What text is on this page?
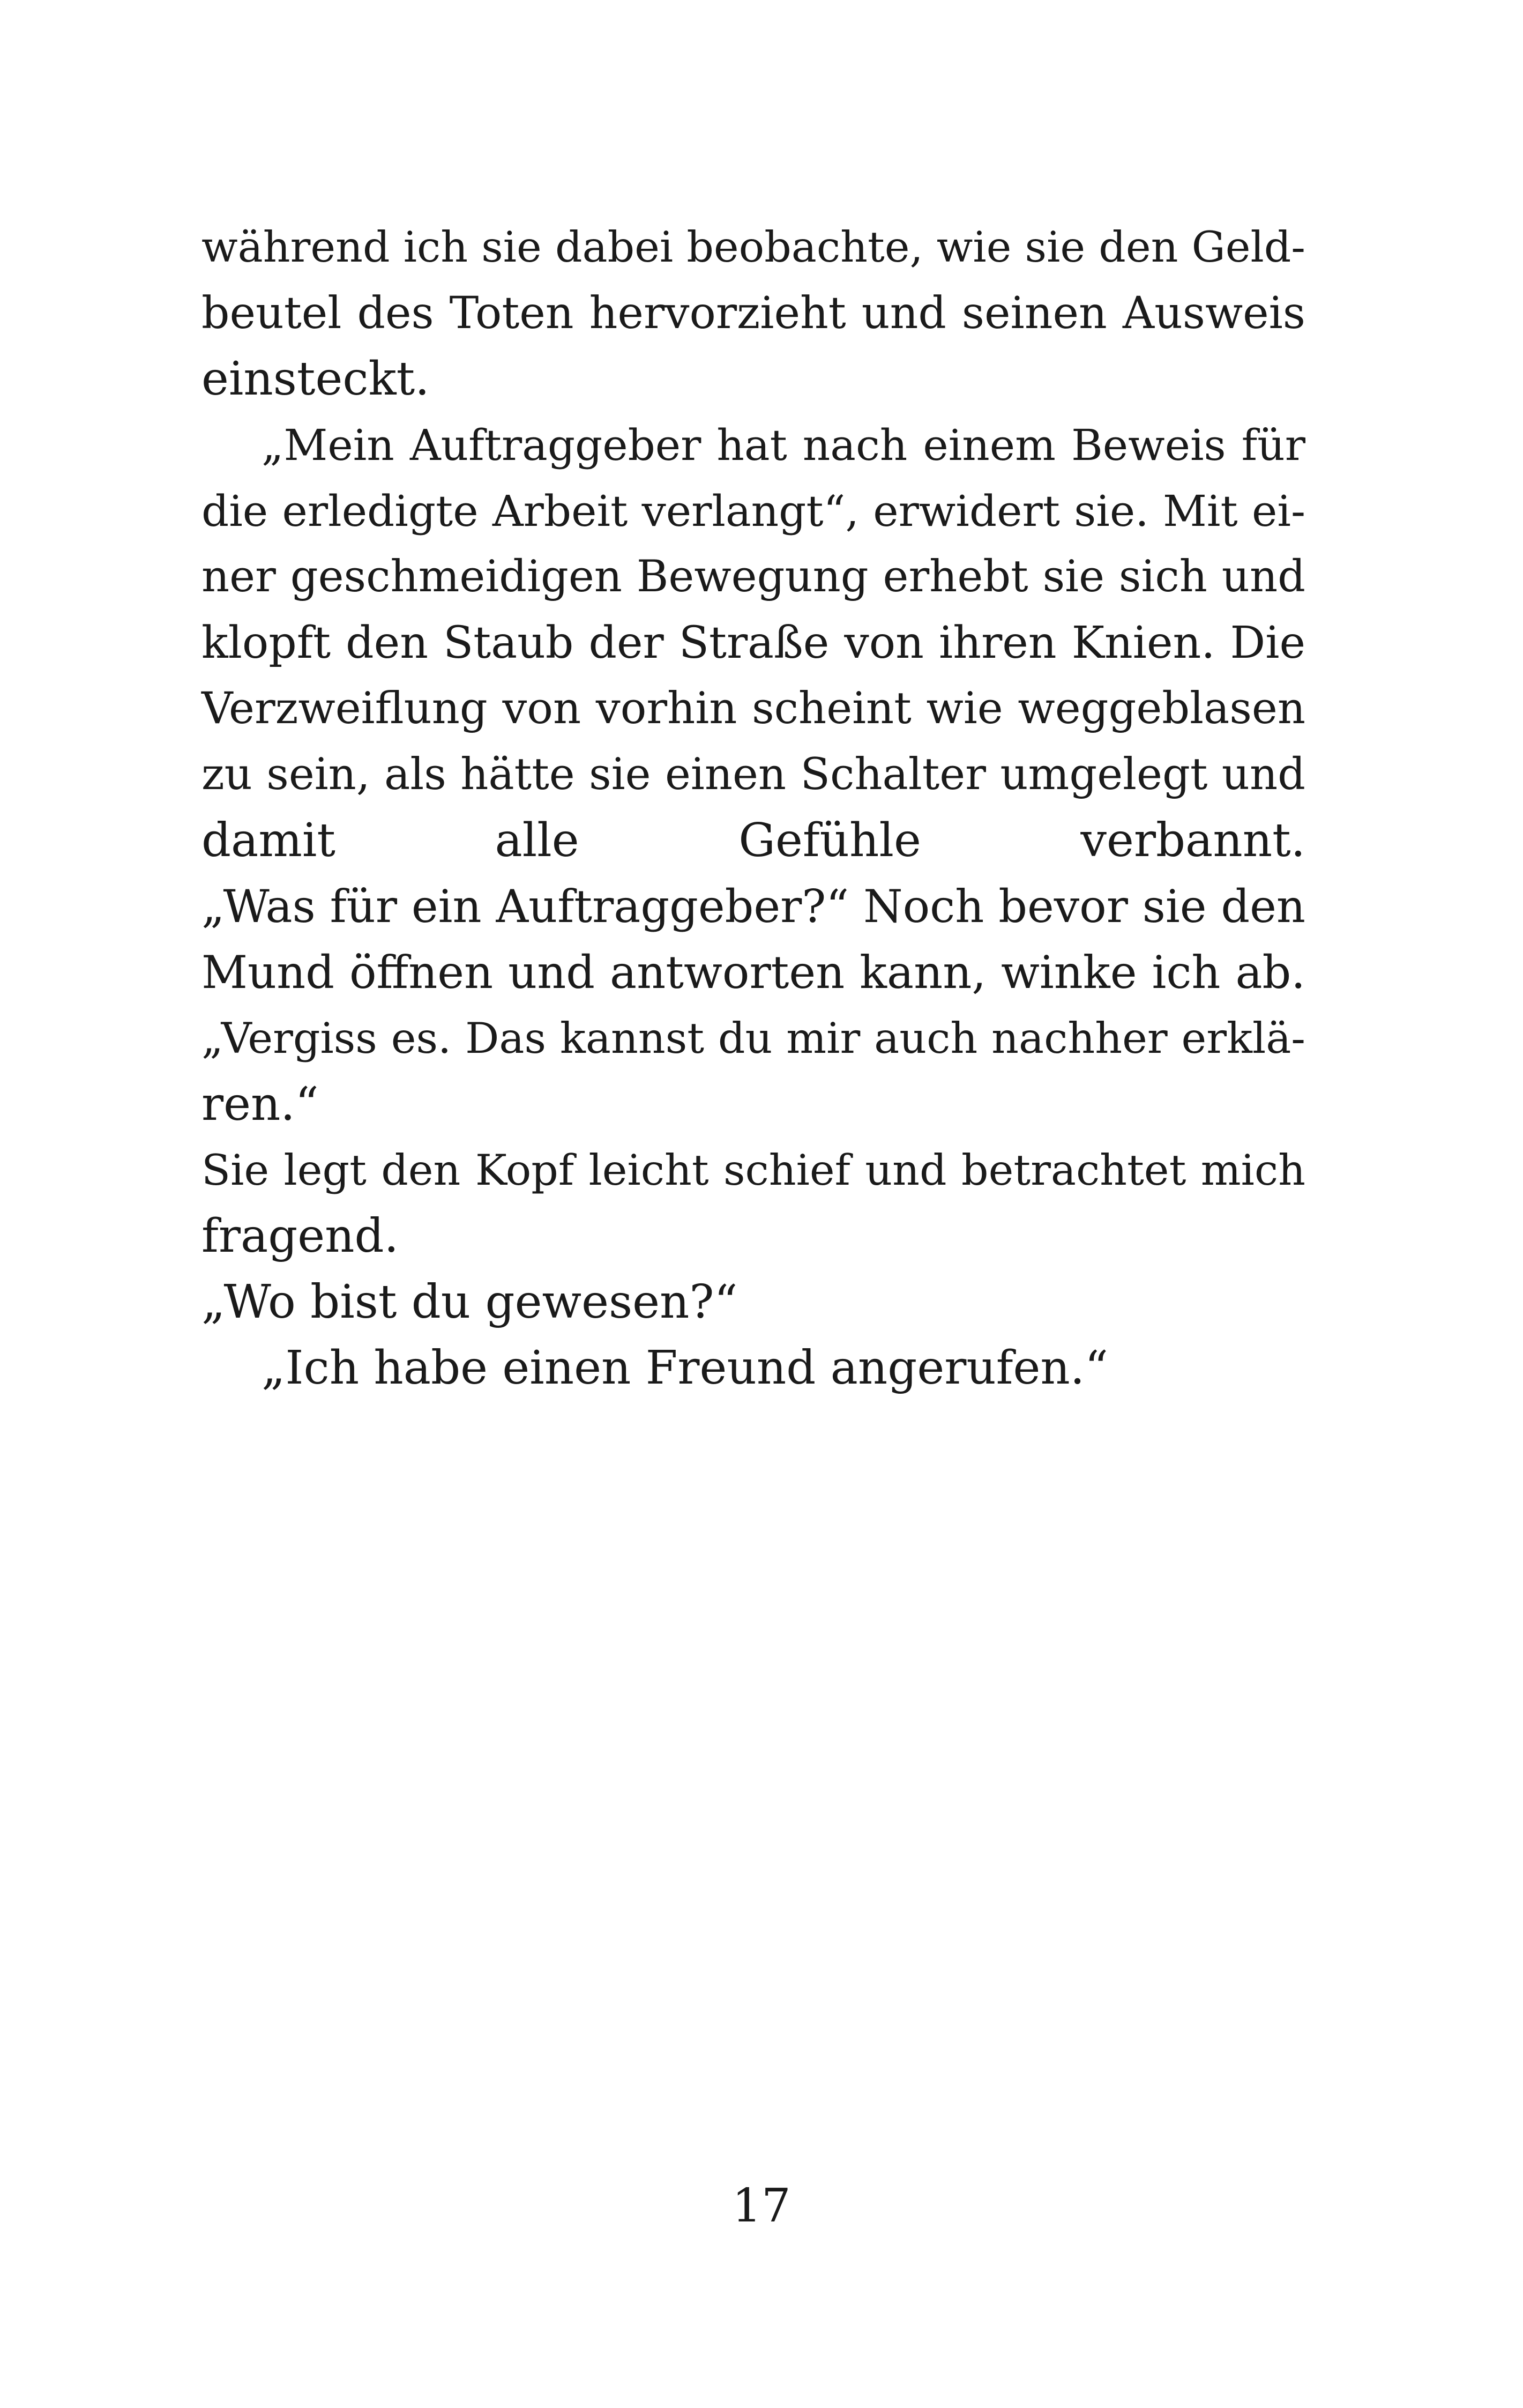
während ich sie dabei beobachte, wie sie den Geld-
beutel des Toten hervorzieht und seinen Ausweis
einsteckt.
„Mein Auftraggeber hat nach einem Beweis für
die erledigte Arbeit verlangt“, erwidert sie. Mit ei-
ner geschmeidigen Bewegung erhebt sie sich und
klopft den Staub der Straße von ihren Knien. Die
Verzweiflung von vorhin scheint wie weggeblasen
zu sein, als hätte sie einen Schalter umgelegt und
damit alle Gefühle verbannt.
„Was für ein Auftraggeber?“ Noch bevor sie den
Mund öffnen und antworten kann, winke ich ab.
„Vergiss es. Das kannst du mir auch nachher erklä-
ren.“
Sie legt den Kopf leicht schief und betrachtet mich
fragend.
„Wo bist du gewesen?“
„Ich habe einen Freund angerufen.“
17
